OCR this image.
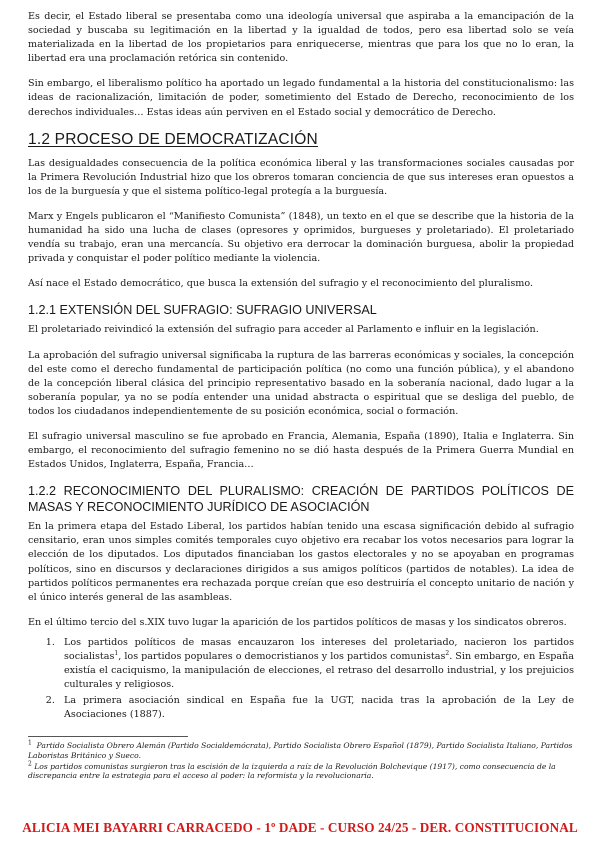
Es decir, el Estado liberal se presentaba como una ideología universal que aspiraba a la emancipación de la sociedad y buscaba su legitimación en la libertad y la igualdad de todos, pero esa libertad solo se veía materializada en la libertad de los propietarios para enriquecerse, mientras que para los que no lo eran, la libertad era una proclamación retórica sin contenido.

Sin embargo, el liberalismo político ha aportado un legado fundamental a la historia del constitucionalismo: las ideas de racionalización, limitación de poder, sometimiento del Estado de Derecho, reconocimiento de los derechos individuales… Estas ideas aún perviven en el Estado social y democrático de Derecho.

1.2 PROCESO DE DEMOCRATIZACIÓN

Las desigualdades consecuencia de la política económica liberal y las transformaciones sociales causadas por la Primera Revolución Industrial hizo que los obreros tomaran conciencia de que sus intereses eran opuestos a los de la burguesía y que el sistema político-legal protegía a la burguesía.

Marx y Engels publicaron el “Manifiesto Comunista” (1848), un texto en el que se describe que la historia de la humanidad ha sido una lucha de clases (opresores y oprimidos, burgueses y proletariado). El proletariado vendía su trabajo, eran una mercancía. Su objetivo era derrocar la dominación burguesa, abolir la propiedad privada y conquistar el poder político mediante la violencia.

Así nace el Estado democrático, que busca la extensión del sufragio y el reconocimiento del pluralismo.

1.2.1 EXTENSIÓN DEL SUFRAGIO: SUFRAGIO UNIVERSAL

El proletariado reivindicó la extensión del sufragio para acceder al Parlamento e influir en la legislación.

La aprobación del sufragio universal significaba la ruptura de las barreras económicas y sociales, la concepción del este como el derecho fundamental de participación política (no como una función pública), y el abandono de la concepción liberal clásica del principio representativo basado en la soberanía nacional, dado lugar a la soberanía popular, ya no se podía entender una unidad abstracta o espiritual que se desliga del pueblo, de todos los ciudadanos independientemente de su posición económica, social o formación.

El sufragio universal masculino se fue aprobado en Francia, Alemania, España (1890), Italia e Inglaterra. Sin embargo, el reconocimiento del sufragio femenino no se dió hasta después de la Primera Guerra Mundial en Estados Unidos, Inglaterra, España, Francia…

1.2.2 RECONOCIMIENTO DEL PLURALISMO: CREACIÓN DE PARTIDOS POLÍTICOS DE MASAS Y RECONOCIMIENTO JURÍDICO DE ASOCIACIÓN

En la primera etapa del Estado Liberal, los partidos habían tenido una escasa significación debido al sufragio censitario, eran unos simples comités temporales cuyo objetivo era recabar los votos necesarios para lograr la elección de los diputados. Los diputados financiaban los gastos electorales y no se apoyaban en programas políticos, sino en discursos y declaraciones dirigidos a sus amigos políticos (partidos de notables). La idea de partidos políticos permanentes era rechazada porque creían que eso destruiría el concepto unitario de nación y el único interés general de las asambleas.

En el último tercio del s.XIX tuvo lugar la aparición de los partidos políticos de masas y los sindicatos obreros.

1. Los partidos políticos de masas encauzaron los intereses del proletariado, nacieron los partidos socialistas$^1$, los partidos populares o democristianos y los partidos comunistas$^2$. Sin embargo, en España existía el caciquismo, la manipulación de elecciones, el retraso del desarrollo industrial, y los prejuicios culturales y religiosos.
2. La primera asociación sindical en España fue la UGT, nacida tras la aprobación de la Ley de Asociaciones (1887).
$^1$ Partido Socialista Obrero Alemán (Partido Socialdemócrata), Partido Socialista Obrero Español (1879), Partido Socialista Italiano, Partidos Laboristas Británico y Sueco.
$^2$ Los partidos comunistas surgieron tras la escisión de la izquierda a raíz de la Revolución Bolchevique (1917), como consecuencia de la discrepancia entre la estrategia para el acceso al poder: la reformista y la revolucionaria.
ALICIA MEI BAYARRI CARRACEDO - 1º DADE - CURSO 24/25 - DER. CONSTITUCIONAL
